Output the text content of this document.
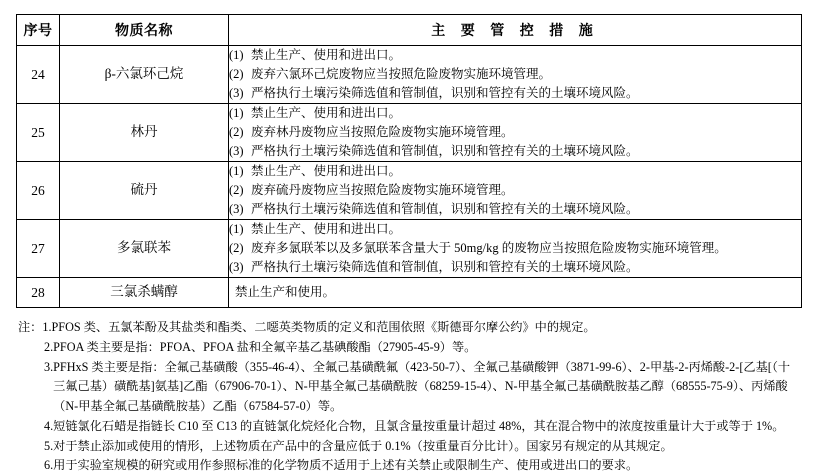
序号	物质名称	主 要 管 控 措 施
24	β-六氯环己烷	(1) 禁止生产、使用和进出口。
(2) 废弃六氯环己烷废物应当按照危险废物实施环境管理。
(3) 严格执行土壤污染筛选值和管制值，识别和管控有关的土壤环境风险。

25	林丹	(1) 禁止生产、使用和进出口。
(2) 废弃林丹废物应当按照危险废物实施环境管理。
(3) 严格执行土壤污染筛选值和管制值，识别和管控有关的土壤环境风险。

26	硫丹	(1) 禁止生产、使用和进出口。
(2) 废弃硫丹废物应当按照危险废物实施环境管理。
(3) 严格执行土壤污染筛选值和管制值，识别和管控有关的土壤环境风险。

27	多氯联苯	(1) 禁止生产、使用和进出口。
(2) 废弃多氯联苯以及多氯联苯含量大于 50mg/kg 的废物应当按照危险废物实施环境管理。
(3) 严格执行土壤污染筛选值和管制值，识别和管控有关的土壤环境风险。

28	三氯杀螨醇	禁止生产和使用。
注： 1. PFOS 类、五氯苯酚及其盐类和酯类、二噁英类物质的定义和范围依照《斯德哥尔摩公约》中的规定。
2. PFOA 类主要是指：PFOA、PFOA 盐和全氟辛基乙基碘酸酯（27905-45-9）等。
3. PFHxS 类主要是指：全氟己基磺酸（355-46-4）、全氟己基磺酰氟（423-50-7）、全氟己基磺酸钾（3871-99-6）、2-甲基-2-丙烯酸-2-[乙基[（十三氟己基）磺酰基]氨基]乙酯（67906-70-1）、N-甲基全氟己基磺酰胺（68259-15-4）、N-甲基全氟己基磺酰胺基乙醇（68555-75-9）、丙烯酸（N-甲基全氟己基磺酰胺基）乙酯（67584-57-0）等。
4. 短链氯化石蜡是指链长 C10 至 C13 的直链氯化烷烃化合物，且氯含量按重量计超过 48%，其在混合物中的浓度按重量计大于或等于 1%。
5. 对于禁止添加或使用的情形，上述物质在产品中的含量应低于 0.1%（按重量百分比计）。国家另有规定的从其规定。
6. 用于实验室规模的研究或用作参照标准的化学物质不适用于上述有关禁止或限制生产、使用或进出口的要求。
